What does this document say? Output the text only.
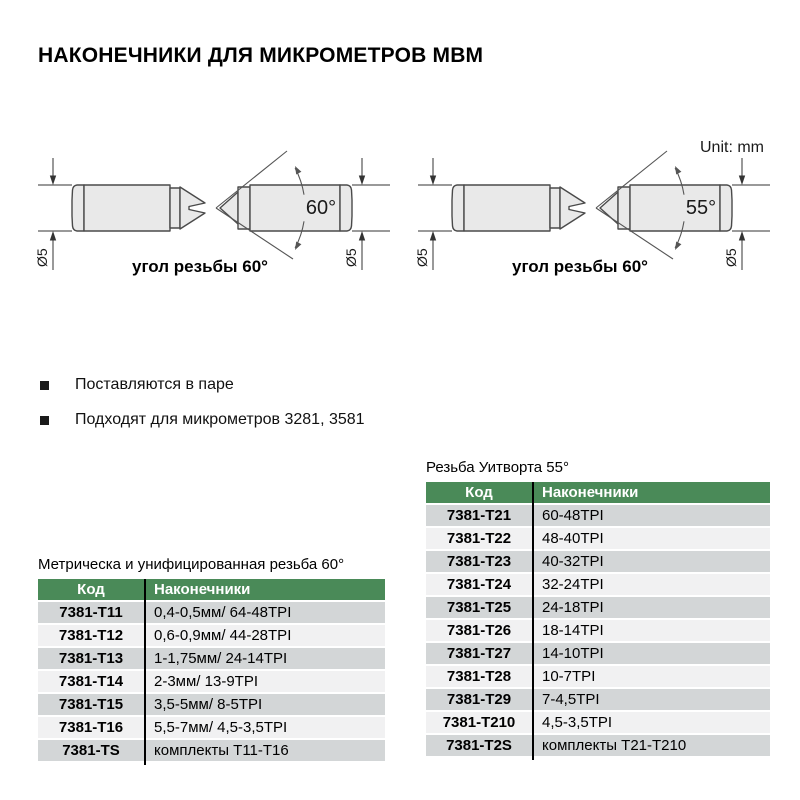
НАКОНЕЧНИКИ ДЛЯ МИКРОМЕТРОВ МВМ
60°
Ø5	Ø5
угол резьбы 60°
Unit: mm
55°
Ø5	Ø5
угол резьбы 60°
Поставляются в паре
Подходят для микрометров 3281, 3581
Резьба Уитворта 55°
Код	Наконечники
7381-T21	60-48TPI
7381-T22	48-40TPI
7381-T23	40-32TPI
7381-T24	32-24TPI
7381-T25	24-18TPI
7381-T26	18-14TPI
7381-T27	14-10TPI
7381-T28	10-7TPI
7381-T29	7-4,5TPI
7381-T210	4,5-3,5TPI
7381-T2S	комплекты T21-T210
Метрическа и унифицированная резьба 60°
Код	Наконечники
7381-T11	0,4-0,5мм/ 64-48TPI
7381-T12	0,6-0,9мм/ 44-28TPI
7381-T13	1-1,75мм/ 24-14TPI
7381-T14	2-3мм/ 13-9TPI
7381-T15	3,5-5мм/ 8-5TPI
7381-T16	5,5-7мм/ 4,5-3,5TPI
7381-TS	комплекты T11-T16
